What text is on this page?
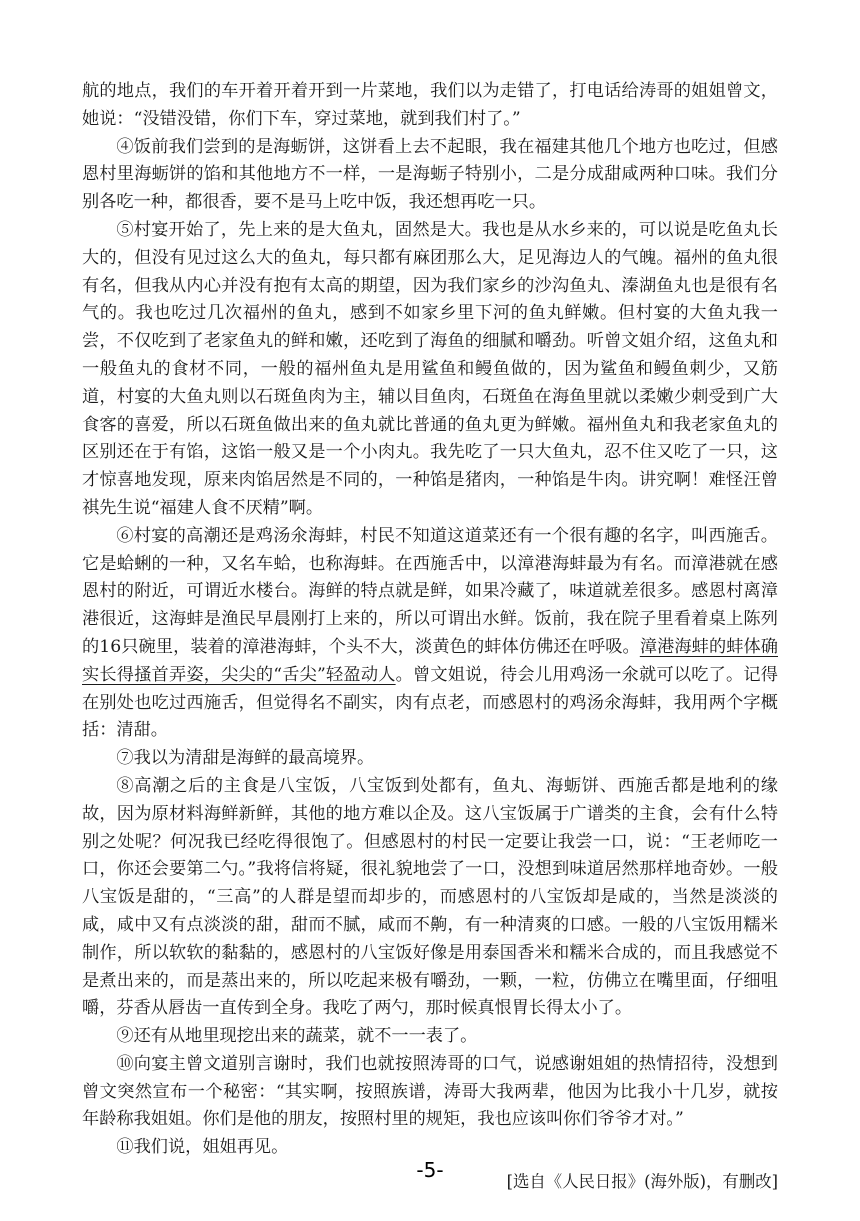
航的地点，我们的车开着开着开到一片菜地，我们以为走错了，打电话给涛哥的姐姐曾文，她说：“没错没错，你们下车，穿过菜地，就到我们村了。”

④饭前我们尝到的是海蛎饼，这饼看上去不起眼，我在福建其他几个地方也吃过，但感恩村里海蛎饼的馅和其他地方不一样，一是海蛎子特别小，二是分成甜咸两种口味。我们分别各吃一种，都很香，要不是马上吃中饭，我还想再吃一只。

⑤村宴开始了，先上来的是大鱼丸，固然是大。我也是从水乡来的，可以说是吃鱼丸长大的，但没有见过这么大的鱼丸，每只都有麻团那么大，足见海边人的气魄。福州的鱼丸很有名，但我从内心并没有抱有太高的期望，因为我们家乡的沙沟鱼丸、溱湖鱼丸也是很有名气的。我也吃过几次福州的鱼丸，感到不如家乡里下河的鱼丸鲜嫩。但村宴的大鱼丸我一尝，不仅吃到了老家鱼丸的鲜和嫩，还吃到了海鱼的细腻和嚼劲。听曾文姐介绍，这鱼丸和一般鱼丸的食材不同，一般的福州鱼丸是用鲨鱼和鳗鱼做的，因为鲨鱼和鳗鱼刺少，又筋道，村宴的大鱼丸则以石斑鱼肉为主，辅以目鱼肉，石斑鱼在海鱼里就以柔嫩少刺受到广大食客的喜爱，所以石斑鱼做出来的鱼丸就比普通的鱼丸更为鲜嫩。福州鱼丸和我老家鱼丸的区别还在于有馅，这馅一般又是一个小肉丸。我先吃了一只大鱼丸，忍不住又吃了一只，这才惊喜地发现，原来肉馅居然是不同的，一种馅是猪肉，一种馅是牛肉。讲究啊！难怪汪曾祺先生说“福建人食不厌精”啊。

⑥村宴的高潮还是鸡汤氽海蚌，村民不知道这道菜还有一个很有趣的名字，叫西施舌。它是蛤蜊的一种，又名车蛤，也称海蚌。在西施舌中，以漳港海蚌最为有名。而漳港就在感恩村的附近，可谓近水楼台。海鲜的特点就是鲜，如果冷藏了，味道就差很多。感恩村离漳港很近，这海蚌是渔民早晨刚打上来的，所以可谓出水鲜。饭前，我在院子里看着桌上陈列的16只碗里，装着的漳港海蚌，个头不大，淡黄色的蚌体仿佛还在呼吸。漳港海蚌的蚌体确实长得搔首弄姿，尖尖的“舌尖”轻盈动人。曾文姐说，待会儿用鸡汤一氽就可以吃了。记得在别处也吃过西施舌，但觉得名不副实，肉有点老，而感恩村的鸡汤氽海蚌，我用两个字概括：清甜。

⑦我以为清甜是海鲜的最高境界。

⑧高潮之后的主食是八宝饭，八宝饭到处都有，鱼丸、海蛎饼、西施舌都是地利的缘故，因为原材料海鲜新鲜，其他的地方难以企及。这八宝饭属于广谱类的主食，会有什么特别之处呢？何况我已经吃得很饱了。但感恩村的村民一定要让我尝一口，说：“王老师吃一口，你还会要第二勺。”我将信将疑，很礼貌地尝了一口，没想到味道居然那样地奇妙。一般八宝饭是甜的，“三高”的人群是望而却步的，而感恩村的八宝饭却是咸的，当然是淡淡的咸，咸中又有点淡淡的甜，甜而不腻，咸而不齁，有一种清爽的口感。一般的八宝饭用糯米制作，所以软软的黏黏的，感恩村的八宝饭好像是用泰国香米和糯米合成的，而且我感觉不是煮出来的，而是蒸出来的，所以吃起来极有嚼劲，一颗，一粒，仿佛立在嘴里面，仔细咀嚼，芬香从唇齿一直传到全身。我吃了两勺，那时候真恨胃长得太小了。

⑨还有从地里现挖出来的蔬菜，就不一一表了。

⑩向宴主曾文道别言谢时，我们也就按照涛哥的口气，说感谢姐姐的热情招待，没想到曾文突然宣布一个秘密：“其实啊，按照族谱，涛哥大我两辈，他因为比我小十几岁，就按年龄称我姐姐。你们是他的朋友，按照村里的规矩，我也应该叫你们爷爷才对。”

⑪我们说，姐姐再见。

[选自《人民日报》(海外版)，有删改]

-5-
